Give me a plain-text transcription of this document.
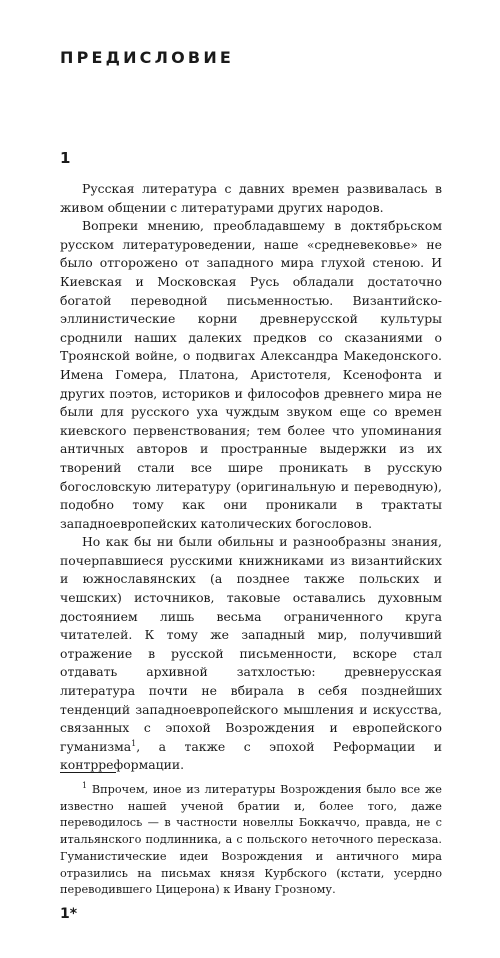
ПРЕДИСЛОВИЕ
1

Русская литература с давних времен развивалась в живом общении с литературами других народов.

Вопреки мнению, преобладавшему в доктябрьском русском литературоведении, наше «средневековье» не было отгорожено от западного мира глухой стеною. И Киевская и Московская Русь обладали достаточно богатой переводной письменностью. Византийско-эллинистические корни древнерусской культуры сроднили наших далеких предков со сказаниями о Троянской войне, о подвигах Александра Македонского. Имена Гомера, Платона, Аристотеля, Ксенофонта и других поэтов, историков и философов древнего мира не были для русского уха чуждым звуком еще со времен киевского первенствования; тем более что упоминания античных авторов и пространные выдержки из их творений стали все шире проникать в русскую богословскую литературу (оригинальную и переводную), подобно тому как они проникали в трактаты западноевропейских католических богословов.

Но как бы ни были обильны и разнообразны знания, почерпавшиеся русскими книжниками из византийских и южнославянских (а позднее также польских и чешских) источников, таковые оставались духовным достоянием лишь весьма ограниченного круга читателей. К тому же западный мир, получивший отражение в русской письменности, вскоре стал отдавать архивной затхлостью: древнерусская литература почти не вбирала в себя позднейших тенденций западноевропейского мышления и искусства, связанных с эпохой Возрождения и европейского гуманизма$^1$, а также с эпохой Реформации и контрреформации.

$^1$ Впрочем, иное из литературы Возрождения было все же известно нашей ученой братии и, более того, даже переводилось — в частности новеллы Боккаччо, правда, не с итальянского подлинника, а с польского неточного пересказа. Гуманистические идеи Возрождения и античного мира отразились на письмах князя Курбского (кстати, усердно переводившего Цицерона) к Ивану Грозному.

1*
